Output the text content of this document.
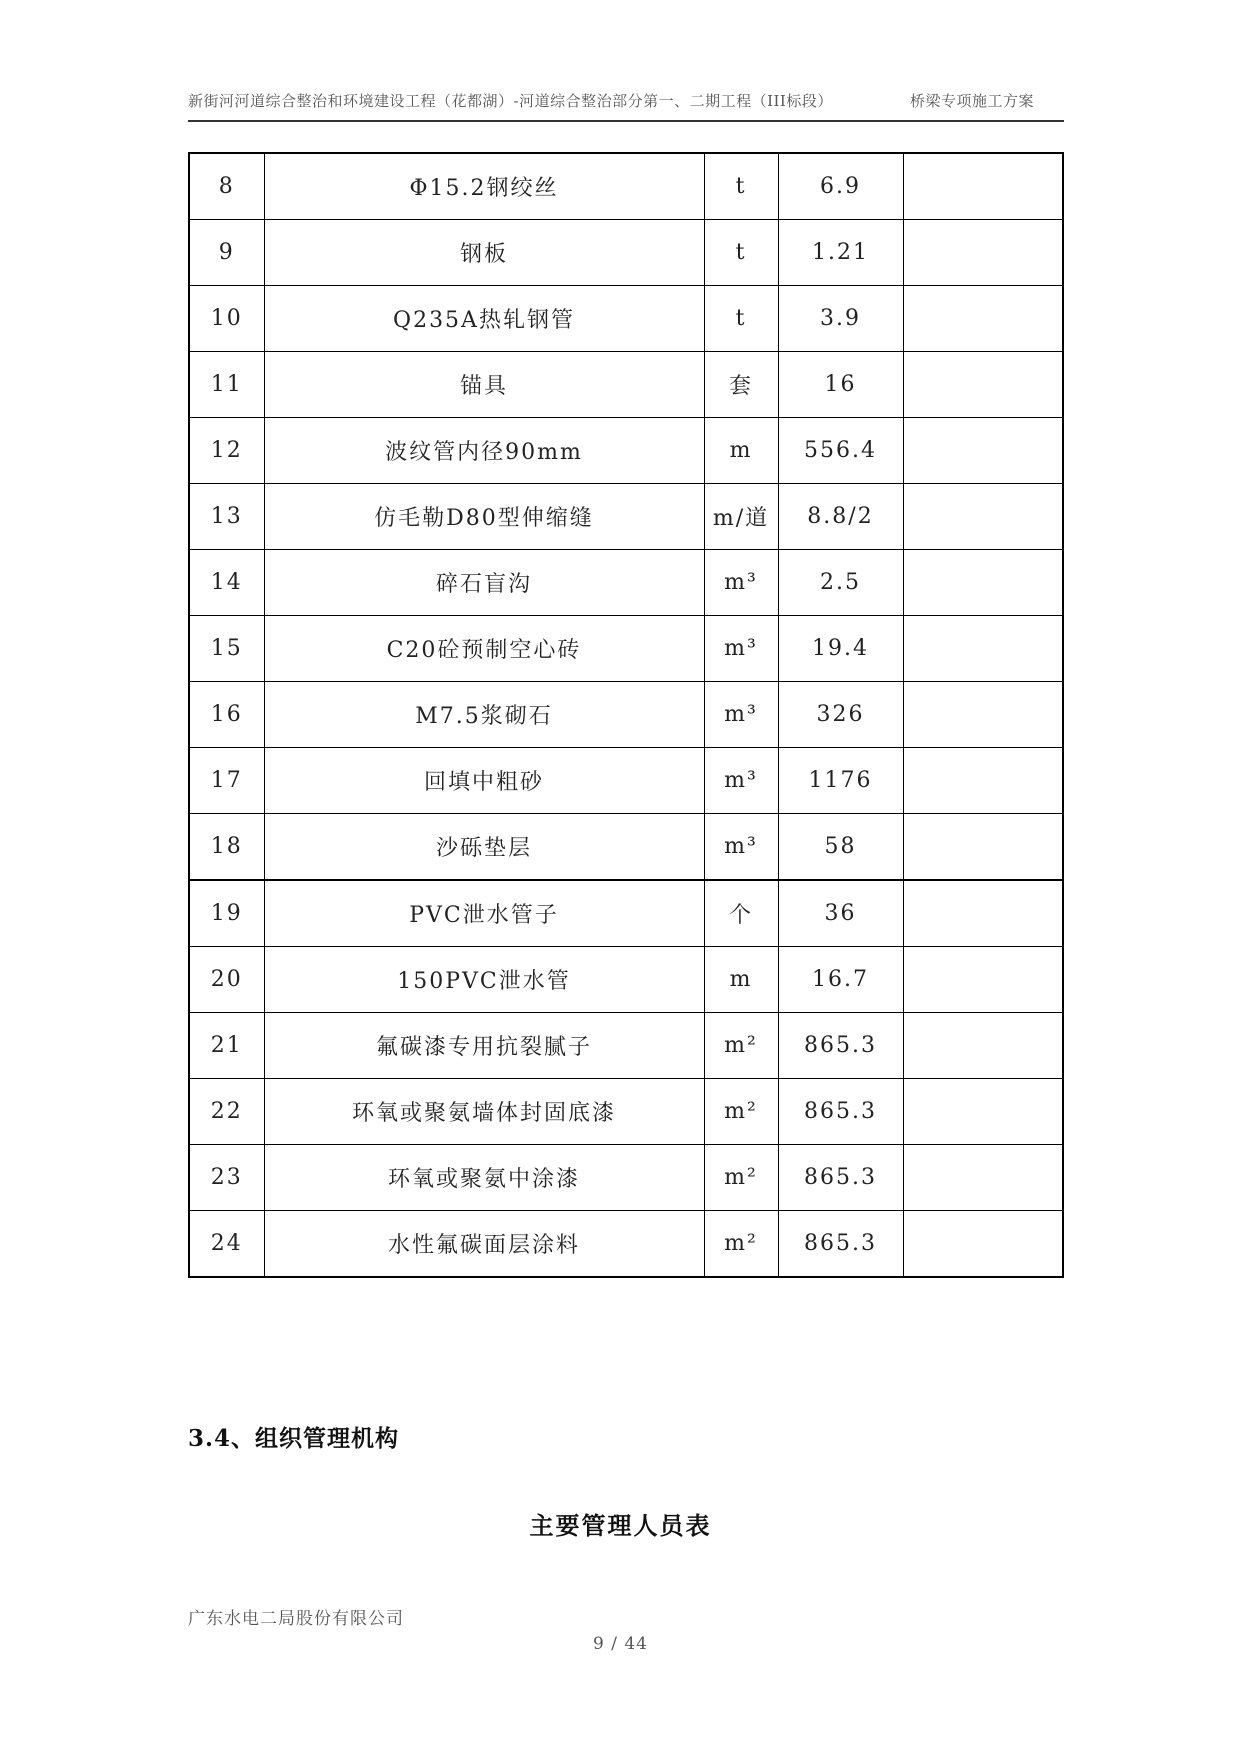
新街河河道综合整治和环境建设工程（花都湖）-河道综合整治部分第一、二期工程（III标段）	桥梁专项施工方案
8	Φ15.2钢绞丝	t	6.9	
9	钢板	t	1.21	
10	Q235A热轧钢管	t	3.9	
11	锚具	套	16	
12	波纹管内径90mm	m	556.4	
13	仿毛勒D80型伸缩缝	m/道	8.8/2	
14	碎石盲沟	m³	2.5	
15	C20砼预制空心砖	m³	19.4	
16	M7.5浆砌石	m³	326	
17	回填中粗砂	m³	1176	
18	沙砾垫层	m³	58	
19	PVC泄水管子	个	36	
20	150PVC泄水管	m	16.7	
21	氟碳漆专用抗裂腻子	m²	865.3	
22	环氧或聚氨墙体封固底漆	m²	865.3	
23	环氧或聚氨中涂漆	m²	865.3	
24	水性氟碳面层涂料	m²	865.3	
3.4、组织管理机构
主要管理人员表
广东水电二局股份有限公司
9 / 44
